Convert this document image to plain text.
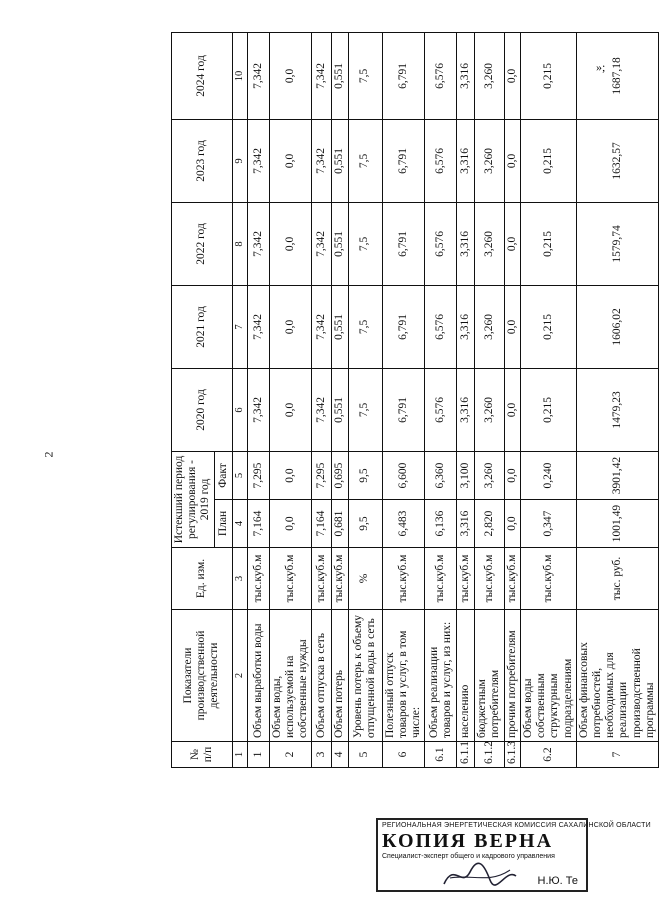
2
№ п/п	Показатели производственной деятельности	Ед. изм.	Истекший период регулирования - 2019 год		2020 год	2021 год	2022 год	2023 год	2024 год
			План	Факт					
1	2	3	4	5	6	7	8	9	10
1	Объем выработки воды	тыс.куб.м	7,164	7,295	7,342	7,342	7,342	7,342	7,342
2	Объем воды, используемой на собственные нужды	тыс.куб.м	0,0	0,0	0,0	0,0	0,0	0,0	0,0
3	Объем отпуска в сеть	тыс.куб.м	7,164	7,295	7,342	7,342	7,342	7,342	7,342
4	Объем потерь	тыс.куб.м	0,681	0,695	0,551	0,551	0,551	0,551	0,551
5	Уровень потерь к объему отпущенной воды в сеть	%	9,5	9,5	7,5	7,5	7,5	7,5	7,5
6	Полезный отпуск товаров и услуг, в том числе:	тыс.куб.м	6,483	6,600	6,791	6,791	6,791	6,791	6,791
6.1	Объем реализации товаров и услуг, из них:	тыс.куб.м	6,136	6,360	6,576	6,576	6,576	6,576	6,576
6.1.1	населению	тыс.куб.м	3,316	3,100	3,316	3,316	3,316	3,316	3,316
6.1.2	бюджетным потребителям	тыс.куб.м	2,820	3,260	3,260	3,260	3,260	3,260	3,260
6.1.3	прочим потребителям	тыс.куб.м	0,0	0,0	0,0	0,0	0,0	0,0	0,0
6.2	Объем воды собственным структурным подразделениям	тыс.куб.м	0,347	0,240	0,215	0,215	0,215	0,215	0,215
7	Объем финансовых потребностей, необходимых для реализации производственной программы	тыс. руб.	1001,49	3901,42	1479,23	1606,02	1579,74	1632,57	1687,18
»;
РЕГИОНАЛЬНАЯ ЭНЕРГЕТИЧЕСКАЯ КОМИССИЯ САХАЛИНСКОЙ ОБЛАСТИ
КОПИЯ ВЕРНА
Специалист-эксперт общего и кадрового управления
Н.Ю. Те
